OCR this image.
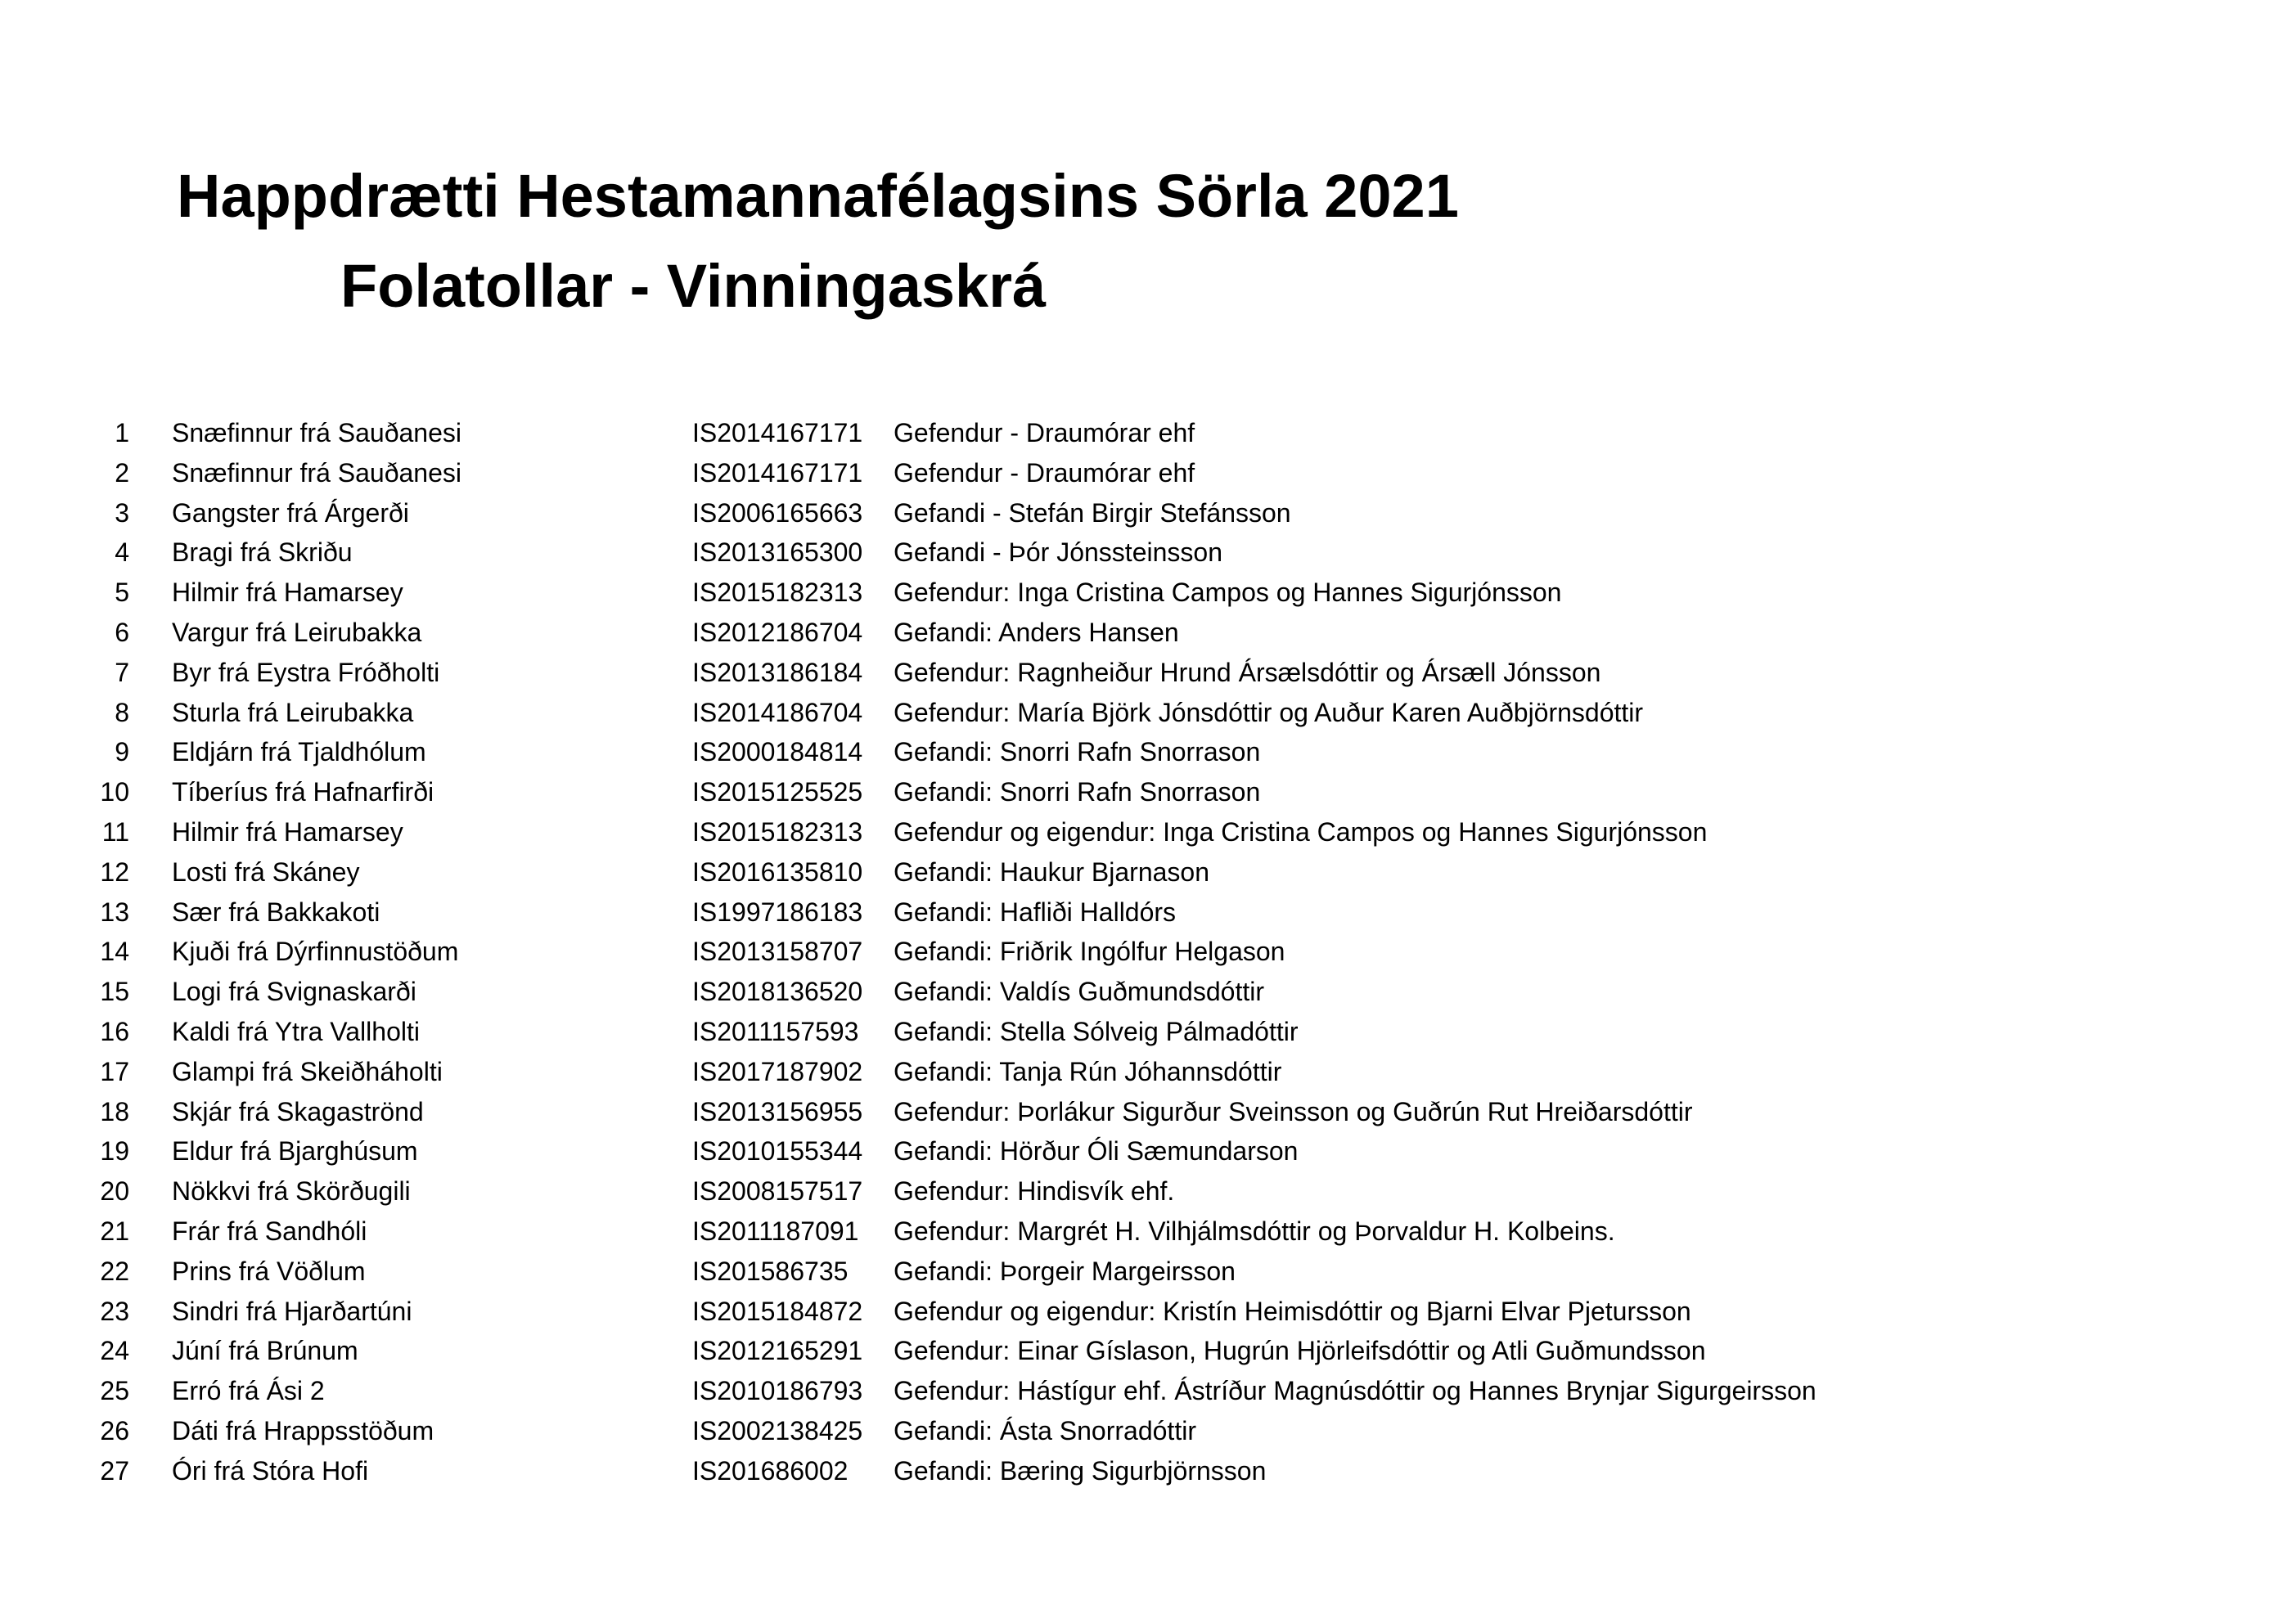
Happdrætti Hestamannafélagsins Sörla 2021
Folatollar - Vinningaskrá
1 Snæfinnur frá Sauðanesi	IS2014167171 Gefendur - Draumórar ehf
2 Snæfinnur frá Sauðanesi	IS2014167171 Gefendur - Draumórar ehf
3 Gangster frá Árgerði	IS2006165663 Gefandi - Stefán Birgir Stefánsson
4 Bragi frá Skriðu	IS2013165300 Gefandi - Þór Jónssteinsson
5 Hilmir frá Hamarsey	IS2015182313 Gefendur: Inga Cristina Campos og Hannes Sigurjónsson
6 Vargur frá Leirubakka	IS2012186704 Gefandi: Anders Hansen
7 Byr frá Eystra Fróðholti	IS2013186184 Gefendur: Ragnheiður Hrund Ársælsdóttir og Ársæll Jónsson
8 Sturla frá Leirubakka	IS2014186704 Gefendur: María Björk Jónsdóttir og Auður Karen Auðbjörnsdóttir
9 Eldjárn frá Tjaldhólum	IS2000184814 Gefandi: Snorri Rafn Snorrason
10 Tíberíus frá Hafnarfirði	IS2015125525 Gefandi: Snorri Rafn Snorrason
11 Hilmir frá Hamarsey	IS2015182313 Gefendur og eigendur: Inga Cristina Campos og Hannes Sigurjónsson
12 Losti frá Skáney	IS2016135810 Gefandi: Haukur Bjarnason
13 Sær frá Bakkakoti	IS1997186183 Gefandi: Hafliði Halldórs
14 Kjuði frá Dýrfinnustöðum	IS2013158707 Gefandi: Friðrik Ingólfur Helgason
15 Logi frá Svignaskarði	IS2018136520 Gefandi: Valdís Guðmundsdóttir
16 Kaldi frá Ytra Vallholti	IS2011157593 Gefandi: Stella Sólveig Pálmadóttir
17 Glampi frá Skeiðháholti	IS2017187902 Gefandi: Tanja Rún Jóhannsdóttir
18 Skjár frá Skagaströnd	IS2013156955 Gefendur: Þorlákur Sigurður Sveinsson og Guðrún Rut Hreiðarsdóttir
19 Eldur frá Bjarghúsum	IS2010155344 Gefandi: Hörður Óli Sæmundarson
20 Nökkvi frá Skörðugili	IS2008157517 Gefendur: Hindisvík ehf.
21 Frár frá Sandhóli	IS2011187091 Gefendur: Margrét H. Vilhjálmsdóttir og Þorvaldur H. Kolbeins.
22 Prins frá Vöðlum	IS201586735 Gefandi: Þorgeir Margeirsson
23 Sindri frá Hjarðartúni	IS2015184872 Gefendur og eigendur: Kristín Heimisdóttir og Bjarni Elvar Pjetursson
24 Júní frá Brúnum	IS2012165291 Gefendur: Einar Gíslason, Hugrún Hjörleifsdóttir og Atli Guðmundsson
25 Erró frá Ási 2	IS2010186793 Gefendur: Hástígur ehf. Ástríður Magnúsdóttir og Hannes Brynjar Sigurgeirsson
26 Dáti frá Hrappsstöðum	IS2002138425 Gefandi: Ásta Snorradóttir
27 Óri frá Stóra Hofi	IS201686002 Gefandi: Bæring Sigurbjörnsson
